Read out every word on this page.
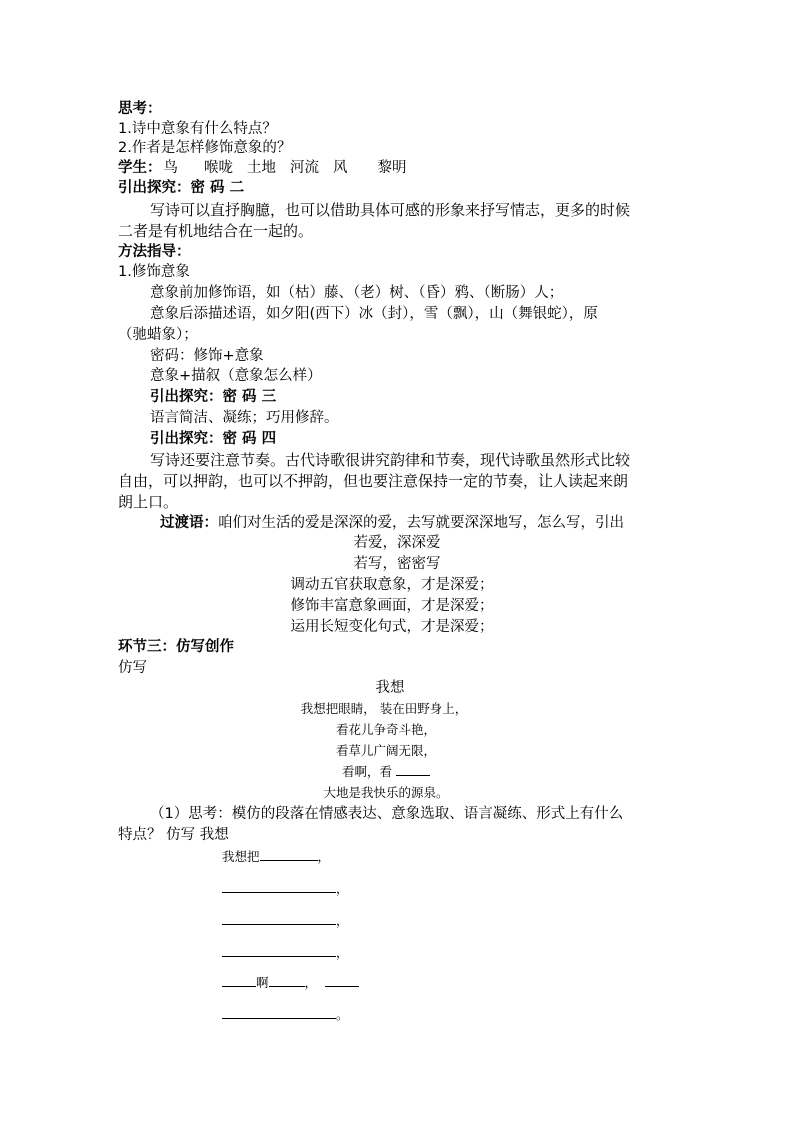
思考：
1.诗中意象有什么特点？
2.作者是怎样修饰意象的？
学生： 鸟 喉咙 土地 河流 风 黎明
引出探究：密 码 二
写诗可以直抒胸臆，也可以借助具体可感的形象来抒写情志，更多的时候
二者是有机地结合在一起的。
方法指导：
1.修饰意象
意象前加修饰语，如（枯）藤、（老）树、（昏）鸦、（断肠）人；
意象后添描述语，如夕阳(西下）冰（封），雪（飘），山（舞银蛇），原
（驰蜡象）；
密码：修饰+意象
意象+描叙（意象怎么样）
引出探究：密 码 三
语言简洁、凝练；巧用修辞。
引出探究：密 码 四
写诗还要注意节奏。古代诗歌很讲究韵律和节奏，现代诗歌虽然形式比较
自由，可以押韵，也可以不押韵，但也要注意保持一定的节奏，让人读起来朗
朗上口。
过渡语：咱们对生活的爱是深深的爱，去写就要深深地写，怎么写，引出
若爱，深深爱
若写，密密写
调动五官获取意象，才是深爱；
修饰丰富意象画面，才是深爱；
运用长短变化句式，才是深爱；
环节三：仿写创作
仿写
我想
我想把眼睛， 装在田野身上，
看花儿争奇斗艳，
看草儿广阔无限，
看啊，看
大地是我快乐的源泉。
（1）思考：模仿的段落在情感表达、意象选取、语言凝练、形式上有什么
特点？ 仿写 我想
我想把	，
，
，
，
啊	，
。
